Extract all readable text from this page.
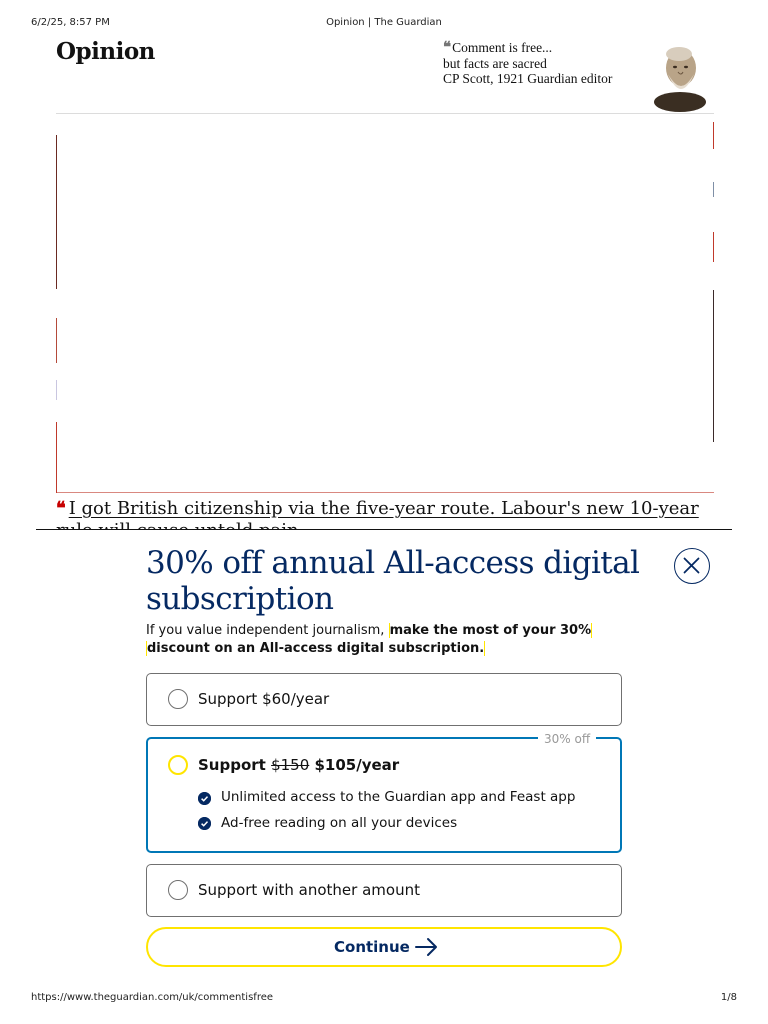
6/2/25, 8:57 PM	Opinion | The Guardian
Opinion	❝ Comment is free...
but facts are sacred
CP Scott, 1921 Guardian editor
❝ I got British citizenship via the five-year route. Labour's new 10-year
30% off annual All-access digital subscription
If you value independent journalism, make the most of your 30%
discount on an All-access digital subscription.
Support $60/year
Support $150 $105/year
30% off
Unlimited access to the Guardian app and Feast app
Ad-free reading on all your devices
Support with another amount
Continue
https://www.theguardian.com/uk/commentisfree	1/8
